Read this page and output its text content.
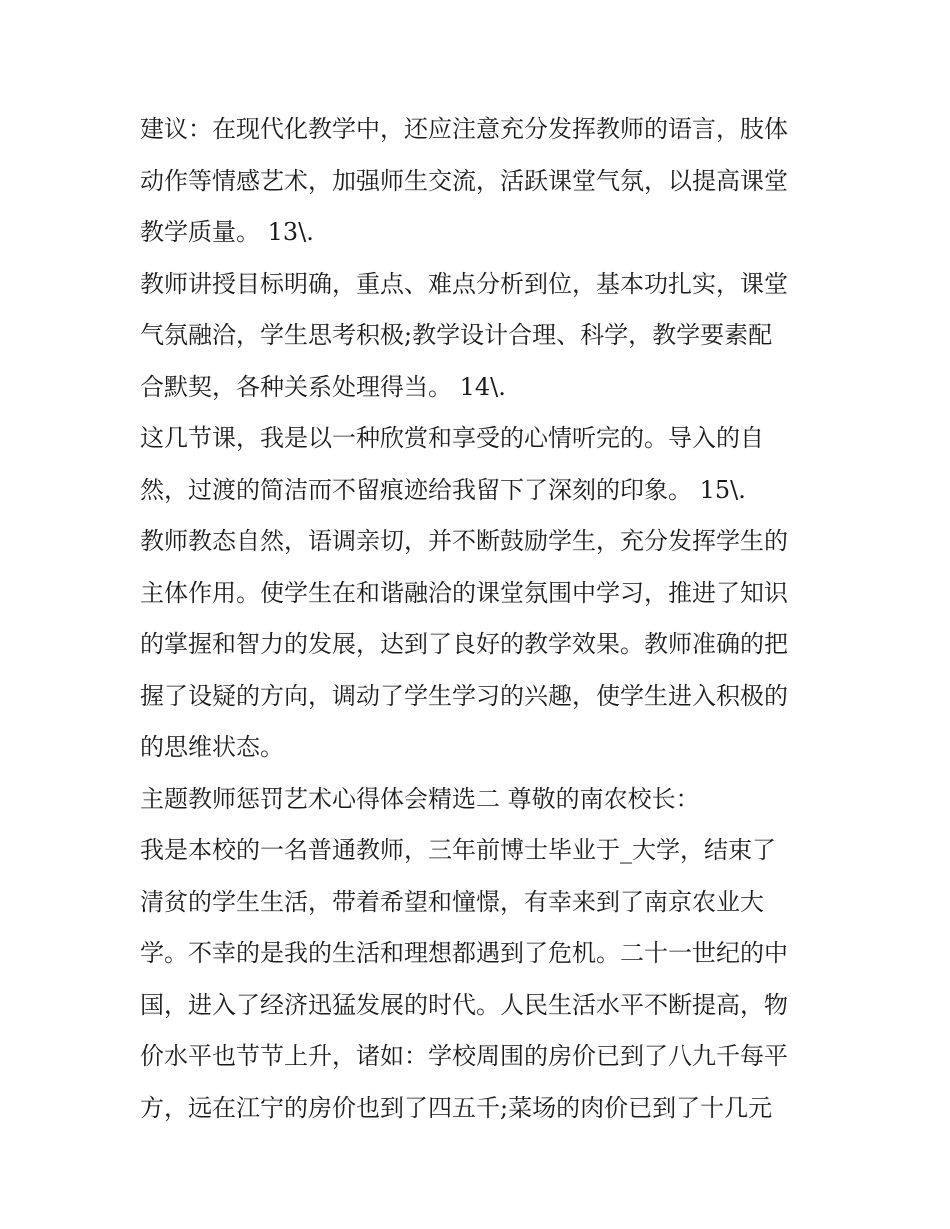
建议：在现代化教学中，还应注意充分发挥教师的语言，肢体
动作等情感艺术，加强师生交流，活跃课堂气氛，以提高课堂
教学质量。 13\.
教师讲授目标明确，重点、难点分析到位，基本功扎实，课堂
气氛融洽，学生思考积极;教学设计合理、科学，教学要素配
合默契，各种关系处理得当。 14\.
这几节课，我是以一种欣赏和享受的心情听完的。导入的自
然，过渡的简洁而不留痕迹给我留下了深刻的印象。 15\.
教师教态自然，语调亲切，并不断鼓励学生，充分发挥学生的
主体作用。使学生在和谐融洽的课堂氛围中学习，推进了知识
的掌握和智力的发展，达到了良好的教学效果。教师准确的把
握了设疑的方向，调动了学生学习的兴趣，使学生进入积极的
的思维状态。
主题教师惩罚艺术心得体会精选二 尊敬的南农校长：
我是本校的一名普通教师，三年前博士毕业于_大学，结束了
清贫的学生生活，带着希望和憧憬，有幸来到了南京农业大
学。不幸的是我的生活和理想都遇到了危机。二十一世纪的中
国，进入了经济迅猛发展的时代。人民生活水平不断提高，物
价水平也节节上升，诸如：学校周围的房价已到了八九千每平
方，远在江宁的房价也到了四五千;菜场的肉价已到了十几元
